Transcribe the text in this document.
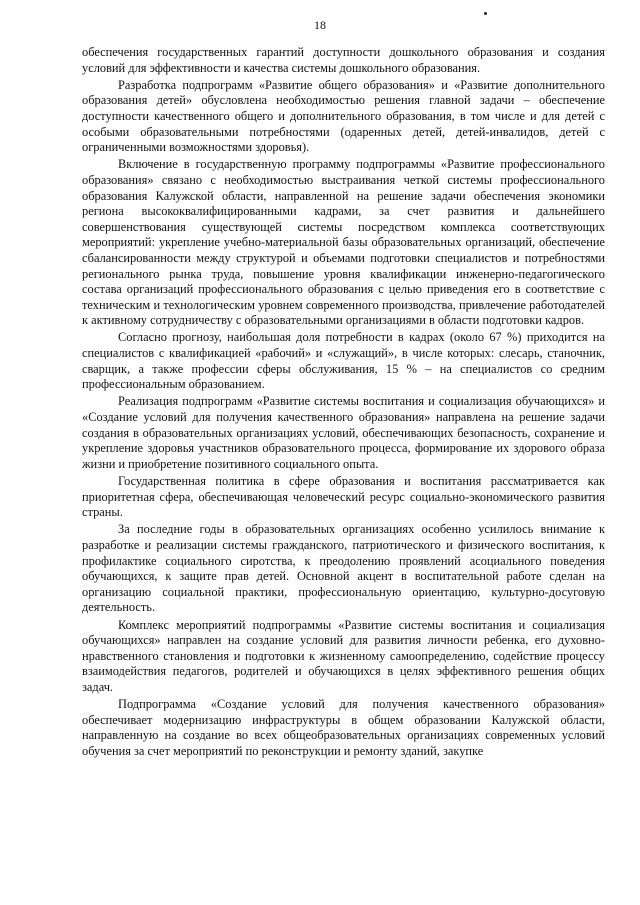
18

обеспечения государственных гарантий доступности дошкольного образования и создания условий для эффективности и качества системы дошкольного образования.

Разработка подпрограмм «Развитие общего образования» и «Развитие дополнительного образования детей» обусловлена необходимостью решения главной задачи – обеспечение доступности качественного общего и дополнительного образования, в том числе и для детей с особыми образовательными потребностями (одаренных детей, детей-инвалидов, детей с ограниченными возможностями здоровья).

Включение в государственную программу подпрограммы «Развитие профессионального образования» связано с необходимостью выстраивания четкой системы профессионального образования Калужской области, направленной на решение задачи обеспечения экономики региона высококвалифицированными кадрами, за счет развития и дальнейшего совершенствования существующей системы посредством комплекса соответствующих мероприятий: укрепление учебно-материальной базы образовательных организаций, обеспечение сбалансированности между структурой и объемами подготовки специалистов и потребностями регионального рынка труда, повышение уровня квалификации инженерно-педагогического состава организаций профессионального образования с целью приведения его в соответствие с техническим и технологическим уровнем современного производства, привлечение работодателей к активному сотрудничеству с образовательными организациями в области подготовки кадров.

Согласно прогнозу, наибольшая доля потребности в кадрах (около 67 %) приходится на специалистов с квалификацией «рабочий» и «служащий», в числе которых: слесарь, станочник, сварщик, а также профессии сферы обслуживания, 15 % – на специалистов со средним профессиональным образованием.

Реализация подпрограмм «Развитие системы воспитания и социализация обучающихся» и «Создание условий для получения качественного образования» направлена на решение задачи создания в образовательных организациях условий, обеспечивающих безопасность, сохранение и укрепление здоровья участников образовательного процесса, формирование их здорового образа жизни и приобретение позитивного социального опыта.

Государственная политика в сфере образования и воспитания рассматривается как приоритетная сфера, обеспечивающая человеческий ресурс социально-экономического развития страны.

За последние годы в образовательных организациях особенно усилилось внимание к разработке и реализации системы гражданского, патриотического и физического воспитания, к профилактике социального сиротства, к преодолению проявлений асоциального поведения обучающихся, к защите прав детей. Основной акцент в воспитательной работе сделан на организацию социальной практики, профессиональную ориентацию, культурно-досуговую деятельность.

Комплекс мероприятий подпрограммы «Развитие системы воспитания и социализация обучающихся» направлен на создание условий для развития личности ребенка, его духовно-нравственного становления и подготовки к жизненному самоопределению, содействие процессу взаимодействия педагогов, родителей и обучающихся в целях эффективного решения общих задач.

Подпрограмма «Создание условий для получения качественного образования» обеспечивает модернизацию инфраструктуры в общем образовании Калужской области, направленную на создание во всех общеобразовательных организациях современных условий обучения за счет мероприятий по реконструкции и ремонту зданий, закупке
